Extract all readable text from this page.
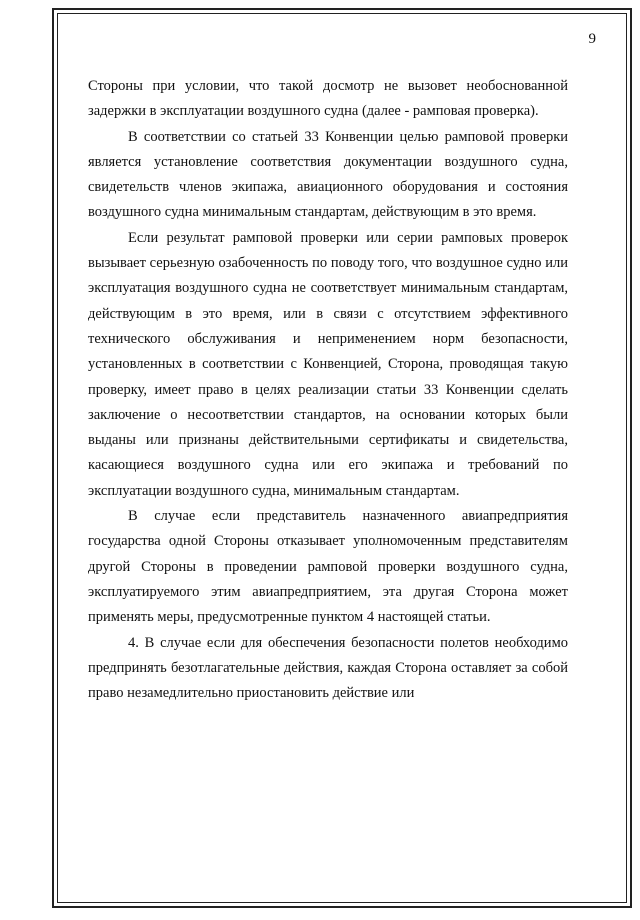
9

Стороны при условии, что такой досмотр не вызовет необоснованной задержки в эксплуатации воздушного судна (далее - рамповая проверка).

В соответствии со статьей 33 Конвенции целью рамповой проверки является установление соответствия документации воздушного судна, свидетельств членов экипажа, авиационного оборудования и состояния воздушного судна минимальным стандартам, действующим в это время.

Если результат рамповой проверки или серии рамповых проверок вызывает серьезную озабоченность по поводу того, что воздушное судно или эксплуатация воздушного судна не соответствует минимальным стандартам, действующим в это время, или в связи с отсутствием эффективного технического обслуживания и неприменением норм безопасности, установленных в соответствии с Конвенцией, Сторона, проводящая такую проверку, имеет право в целях реализации статьи 33 Конвенции сделать заключение о несоответствии стандартов, на основании которых были выданы или признаны действительными сертификаты и свидетельства, касающиеся воздушного судна или его экипажа и требований по эксплуатации воздушного судна, минимальным стандартам.

В случае если представитель назначенного авиапредприятия государства одной Стороны отказывает уполномоченным представителям другой Стороны в проведении рамповой проверки воздушного судна, эксплуатируемого этим авиапредприятием, эта другая Сторона может применять меры, предусмотренные пунктом 4 настоящей статьи.

4. В случае если для обеспечения безопасности полетов необходимо предпринять безотлагательные действия, каждая Сторона оставляет за собой право незамедлительно приостановить действие или
